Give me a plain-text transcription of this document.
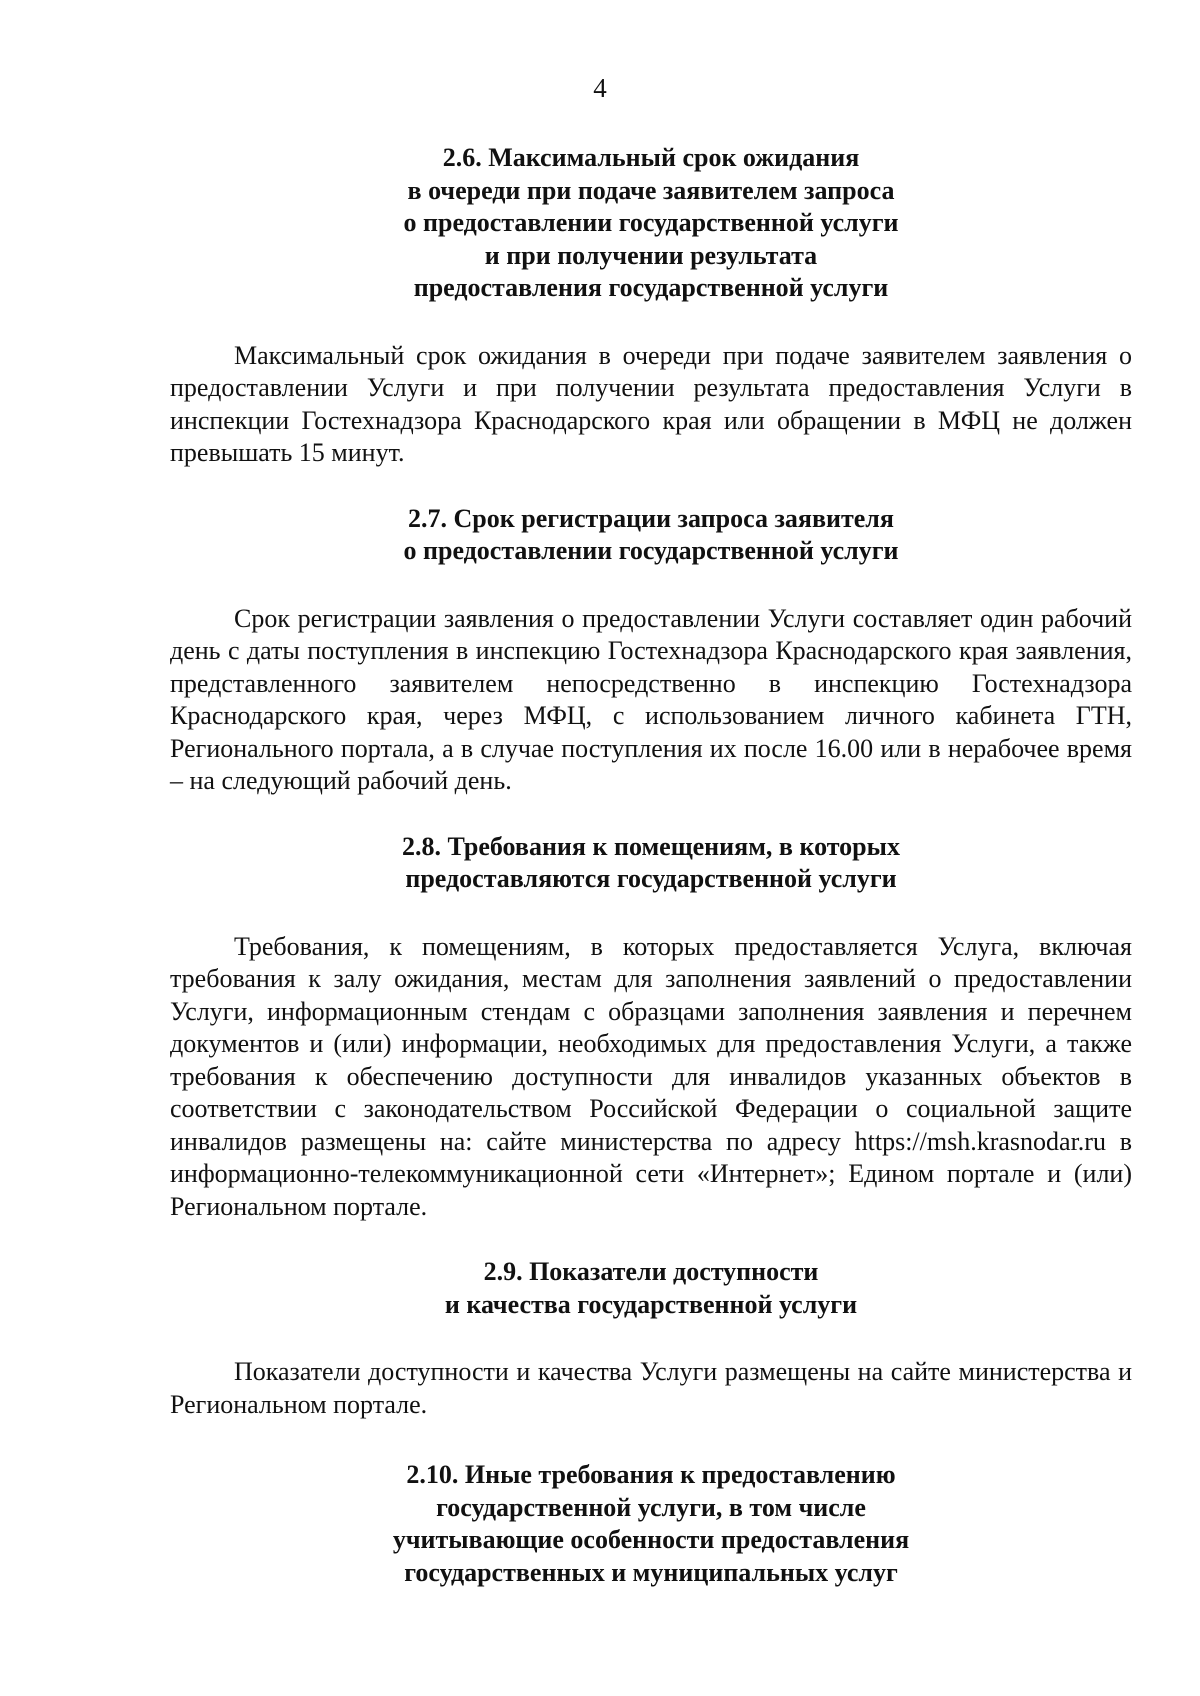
4
2.6. Максимальный срок ожидания
в очереди при подаче заявителем запроса
о предоставлении государственной услуги
и при получении результата
предоставления государственной услуги

Максимальный срок ожидания в очереди при подаче заявителем заявления о предоставлении Услуги и при получении результата предоставления Услуги в инспекции Гостехнадзора Краснодарского края или обращении в МФЦ не должен превышать 15 минут.

2.7. Срок регистрации запроса заявителя
о предоставлении государственной услуги

Срок регистрации заявления о предоставлении Услуги составляет один рабочий день с даты поступления в инспекцию Гостехнадзора Краснодарского края заявления, представленного заявителем непосредственно в инспекцию Гостехнадзора Краснодарского края, через МФЦ, с использованием личного кабинета ГТН, Регионального портала, а в случае поступления их после 16.00 или в нерабочее время – на следующий рабочий день.

2.8. Требования к помещениям, в которых
предоставляются государственной услуги

Требования, к помещениям, в которых предоставляется Услуга, включая требования к залу ожидания, местам для заполнения заявлений о предоставлении Услуги, информационным стендам с образцами заполнения заявления и перечнем документов и (или) информации, необходимых для предоставления Услуги, а также требования к обеспечению доступности для инвалидов указанных объектов в соответствии с законодательством Российской Федерации о социальной защите инвалидов размещены на: сайте министерства по адресу https://msh.krasnodar.ru в информационно-телекоммуникационной сети «Интернет»; Едином портале и (или) Региональном портале.

2.9. Показатели доступности
и качества государственной услуги

Показатели доступности и качества Услуги размещены на сайте министерства и Региональном портале.

2.10. Иные требования к предоставлению
государственной услуги, в том числе
учитывающие особенности предоставления
государственных и муниципальных услуг
